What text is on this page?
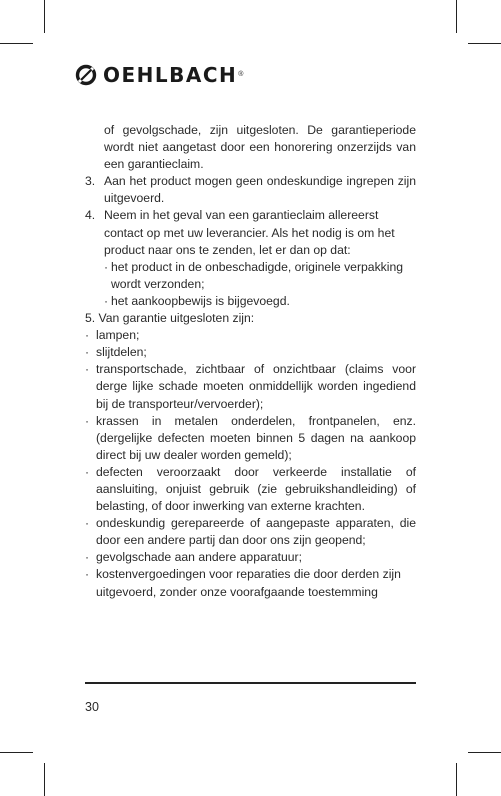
OEHLBACH ®
of gevolgschade, zijn uitgesloten. De garantieperiode wordt niet aangetast door een honorering onzerzijds van een garantieclaim.
3. Aan het product mogen geen ondeskundige ingrepen zijn uitgevoerd.
4. Neem in het geval van een garantieclaim allereerst contact op met uw leverancier. Als het nodig is om het product naar ons te zenden, let er dan op dat:
· het product in de onbeschadigde, originele verpakking wordt verzonden;
· het aankoopbewijs is bijgevoegd.
5. Van garantie uitgesloten zijn:
· lampen;
· slijtdelen;
· transportschade, zichtbaar of onzichtbaar (claims voor derge lijke schade moeten onmiddellijk worden ingediend bij de transporteur/vervoerder);
· krassen in metalen onderdelen, frontpanelen, enz. (dergelijke defecten moeten binnen 5 dagen na aankoop direct bij uw dealer worden gemeld);
· defecten veroorzaakt door verkeerde installatie of aansluiting, onjuist gebruik (zie gebruikshandleiding) of belasting, of door inwerking van externe krachten.
· ondeskundig gerepareerde of aangepaste apparaten, die door een andere partij dan door ons zijn geopend;
· gevolgschade aan andere apparatuur;
· kostenvergoedingen voor reparaties die door derden zijn uitgevoerd, zonder onze voorafgaande toestemming
30
